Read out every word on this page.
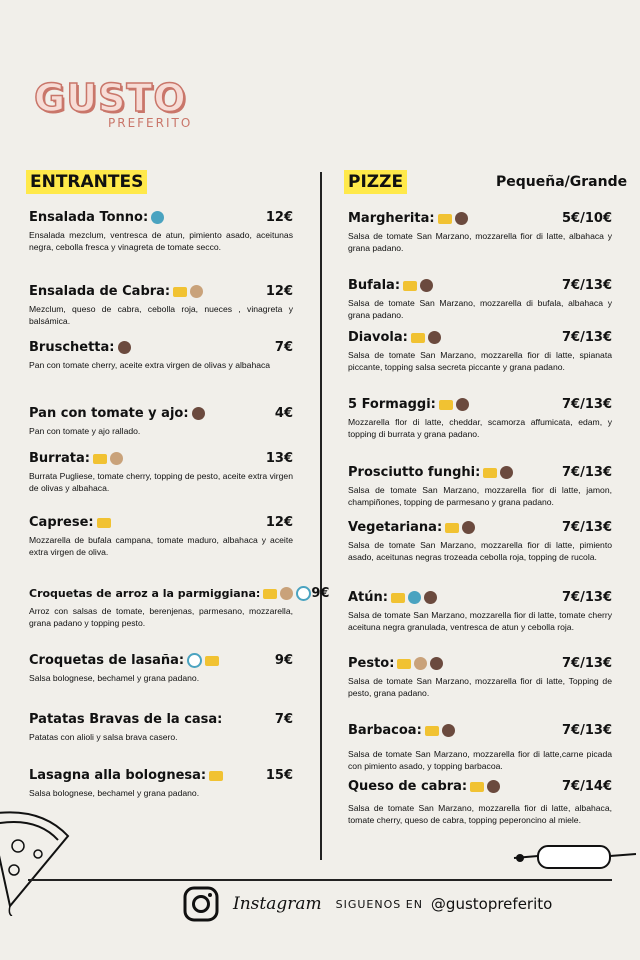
GUSTO
PREFERITO
ENTRANTES	PIZZE	Pequeña/Grande
Ensalada Tonno:	12€
Ensalada mezclum, ventresca de atun, pimiento asado, aceitunas negra, cebolla fresca y vinagreta de tomate secco.
Ensalada de Cabra:	12€
Mezclum, queso de cabra, cebolla roja, nueces , vinagreta y balsámica.
Bruschetta:	7€
Pan con tomate cherry, aceite extra virgen de olivas y albahaca
Pan con tomate y ajo:	4€
Pan con tomate y ajo rallado.
Burrata:	13€
Burrata Pugliese, tomate cherry, topping de pesto, aceite extra virgen de olivas y albahaca.
Caprese:	12€
Mozzarella de bufala campana, tomate maduro, albahaca y aceite extra virgen de oliva.
Croquetas de arroz a la parmiggiana:	9€
Arroz con salsas de tomate, berenjenas, parmesano, mozzarella, grana padano y topping pesto.
Croquetas de lasaña:	9€
Salsa bolognese, bechamel y grana padano.
Patatas Bravas de la casa:	7€
Patatas con alioli y salsa brava casero.
Lasagna alla bolognesa:	15€
Salsa bolognese, bechamel y grana padano.
Margherita:	5€/10€
Salsa de tomate San Marzano, mozzarella fior di latte, albahaca y grana padano.
Bufala:	7€/13€
Salsa de tomate San Marzano, mozzarella di bufala, albahaca y grana padano.
Diavola:	7€/13€
Salsa de tomate San Marzano, mozzarella fior di latte, spianata piccante, topping salsa secreta piccante y grana padano.
5 Formaggi:	7€/13€
Mozzarella flor di latte, cheddar, scamorza affumicata, edam, y topping di burrata y grana padano.
Prosciutto funghi:	7€/13€
Salsa de tomate San Marzano, mozzarella fior di latte, jamon, champiñones, topping de parmesano y grana padano.
Vegetariana:	7€/13€
Salsa de tomate San Marzano, mozzarella fior di latte, pimiento asado, aceitunas negras trozeada cebolla roja, topping de rucola.
Atún:	7€/13€
Salsa de tomate San Marzano, mozzarella fior di latte, tomate cherry aceituna negra granulada, ventresca de atun y cebolla roja.
Pesto:	7€/13€
Salsa de tomate San Marzano, mozzarella fior di latte, Topping de pesto, grana padano.
Barbacoa:	7€/13€
Salsa de tomate San Marzano, mozzarella fior di latte,carne picada con pimiento asado, y topping barbacoa.
Queso de cabra:	7€/14€
Salsa de tomate San Marzano, mozzarella fior di latte, albahaca, tomate cherry, queso de cabra, topping peperoncino al miele.
Instagram SIGUENOS EN @gustopreferito
